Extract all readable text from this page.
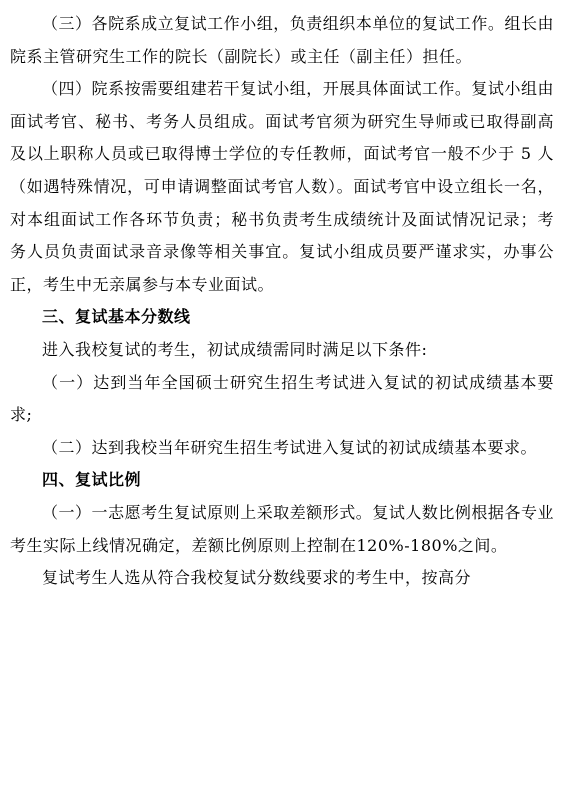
（三）各院系成立复试工作小组，负责组织本单位的复试工作。组长由院系主管研究生工作的院长（副院长）或主任（副主任）担任。

（四）院系按需要组建若干复试小组，开展具体面试工作。复试小组由面试考官、秘书、考务人员组成。面试考官须为研究生导师或已取得副高及以上职称人员或已取得博士学位的专任教师，面试考官一般不少于 5 人（如遇特殊情况，可申请调整面试考官人数）。面试考官中设立组长一名，对本组面试工作各环节负责；秘书负责考生成绩统计及面试情况记录；考务人员负责面试录音录像等相关事宜。复试小组成员要严谨求实，办事公正，考生中无亲属参与本专业面试。

三、复试基本分数线

进入我校复试的考生，初试成绩需同时满足以下条件:

（一）达到当年全国硕士研究生招生考试进入复试的初试成绩基本要求;

（二）达到我校当年研究生招生考试进入复试的初试成绩基本要求。

四、复试比例

（一）一志愿考生复试原则上采取差额形式。复试人数比例根据各专业考生实际上线情况确定，差额比例原则上控制在120%-180%之间。

复试考生人选从符合我校复试分数线要求的考生中，按高分
